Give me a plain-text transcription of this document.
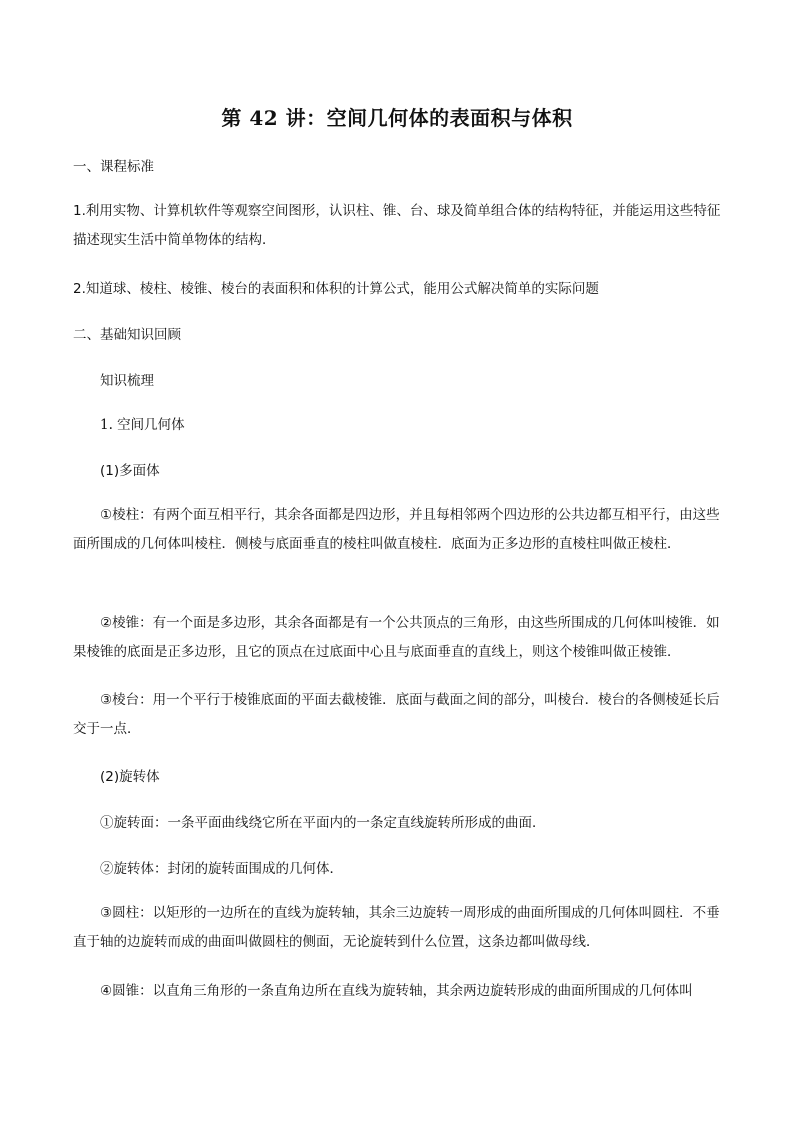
第 42 讲：空间几何体的表面积与体积
一、课程标准
1.利用实物、计算机软件等观察空间图形，认识柱、锥、台、球及简单组合体的结构特征，并能运用这些特征描述现实生活中简单物体的结构．
2.知道球、棱柱、棱锥、棱台的表面积和体积的计算公式，能用公式解决简单的实际问题
二、基础知识回顾
知识梳理
1. 空间几何体
(1)多面体
①棱柱：有两个面互相平行，其余各面都是四边形，并且每相邻两个四边形的公共边都互相平行，由这些面所围成的几何体叫棱柱．侧棱与底面垂直的棱柱叫做直棱柱．底面为正多边形的直棱柱叫做正棱柱．
②棱锥：有一个面是多边形，其余各面都是有一个公共顶点的三角形，由这些所围成的几何体叫棱锥．如果棱锥的底面是正多边形，且它的顶点在过底面中心且与底面垂直的直线上，则这个棱锥叫做正棱锥．
③棱台：用一个平行于棱锥底面的平面去截棱锥．底面与截面之间的部分，叫棱台．棱台的各侧棱延长后交于一点．
(2)旋转体
①旋转面：一条平面曲线绕它所在平面内的一条定直线旋转所形成的曲面．
②旋转体：封闭的旋转面围成的几何体．
③圆柱：以矩形的一边所在的直线为旋转轴，其余三边旋转一周形成的曲面所围成的几何体叫圆柱．不垂直于轴的边旋转而成的曲面叫做圆柱的侧面，无论旋转到什么位置，这条边都叫做母线．
④圆锥：以直角三角形的一条直角边所在直线为旋转轴，其余两边旋转形成的曲面所围成的几何体叫
